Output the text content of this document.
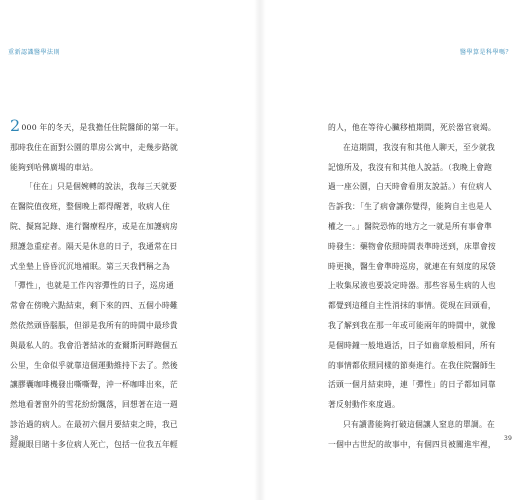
重新認識醫學法則
2000 年的冬天，是我擔任住院醫師的第一年。
那時我住在面對公園的單房公寓中，走幾步路就
能夠到哈佛廣場的車站。
「住在」只是個婉轉的說法，我每三天就要
在醫院值夜班，整個晚上都得醒著，收病人住
院、擬寫記錄、進行醫療程序，或是在加護病房
照護急重症者。隔天是休息的日子，我通常在日
式坐墊上昏昏沉沉地補眠。第三天我們稱之為
「彈性」，也就是工作內容彈性的日子，巡房通
常會在傍晚六點結束，剩下來的四、五個小時難
然依然頭昏腦脹，但卻是我所有的時間中最珍貴
與最私人的。我會沿著結冰的查爾斯河畔跑個五
公里，生命似乎就靠這個運動維持下去了。然後
讓膠囊咖啡機發出嘶嘶聲，沖一杯咖啡出來，茫
然地看著窗外的雪花紛紛飄落，回想著在這一週
診治過的病人。在最初六個月要結束之時，我已
經親眼目睹十多位病人死亡，包括一位我五年輕
38
醫學算是科學嗎？
的人，他在等待心臟移植期間，死於器官衰竭。
在這期間，我沒有和其他人聊天，至少就我
記憶所及，我沒有和其他人說話。（我晚上會跑
過一座公園，白天時會看朋友說話。）有位病人
告訴我：「生了病會讓你覺得，能夠自主也是人
權之一。」醫院恐怖的地方之一就是所有事會準
時發生：藥物會依照時間表準時送到，床單會按
時更換，醫生會準時巡房，就連在有刻度的尿袋
上收集尿液也要設定時器。那些容易生病的人也
都覺到這種自主性消抹的事情。從現在回頭看，
我了解到我在那一年或可能兩年的時間中，就像
是個時鐘一般地過活，日子如齒章般相同，所有
的事情都依照同樣的節奏進行。在我住院醫師生
活頭一個月結束時，連「彈性」的日子都如同靠
著反射動作來度過。
只有讀書能夠打破這個讓人窒息的單調。在
一個中古世紀的故事中，有個四貝被關進牢裡，
39
